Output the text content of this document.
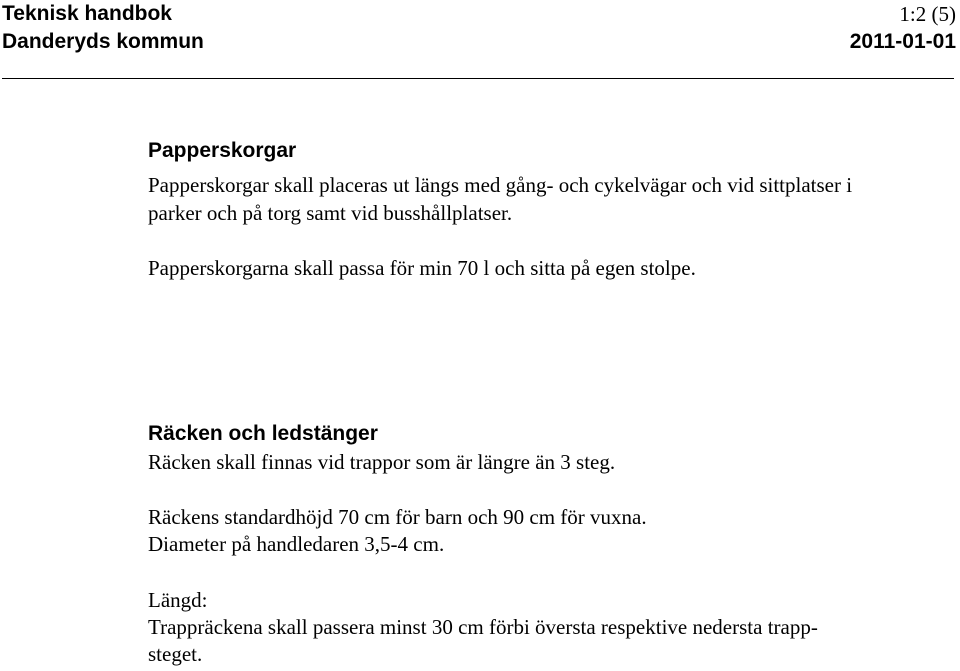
Teknisk handbok
Danderyds kommun
1:2 (5)
2011-01-01
Papperskorgar
Papperskorgar skall placeras ut längs med gång- och cykelvägar och vid sittplatser i
parker och på torg samt vid busshållplatser.
Papperskorgarna skall passa för min 70 l och sitta på egen stolpe.
Räcken och ledstänger
Räcken skall finnas vid trappor som är längre än 3 steg.
Räckens standardhöjd 70 cm för barn och 90 cm för vuxna.
Diameter på handledaren 3,5-4 cm.
Längd:
Trappräckena skall passera minst 30 cm förbi översta respektive nedersta trapp-
steget.
